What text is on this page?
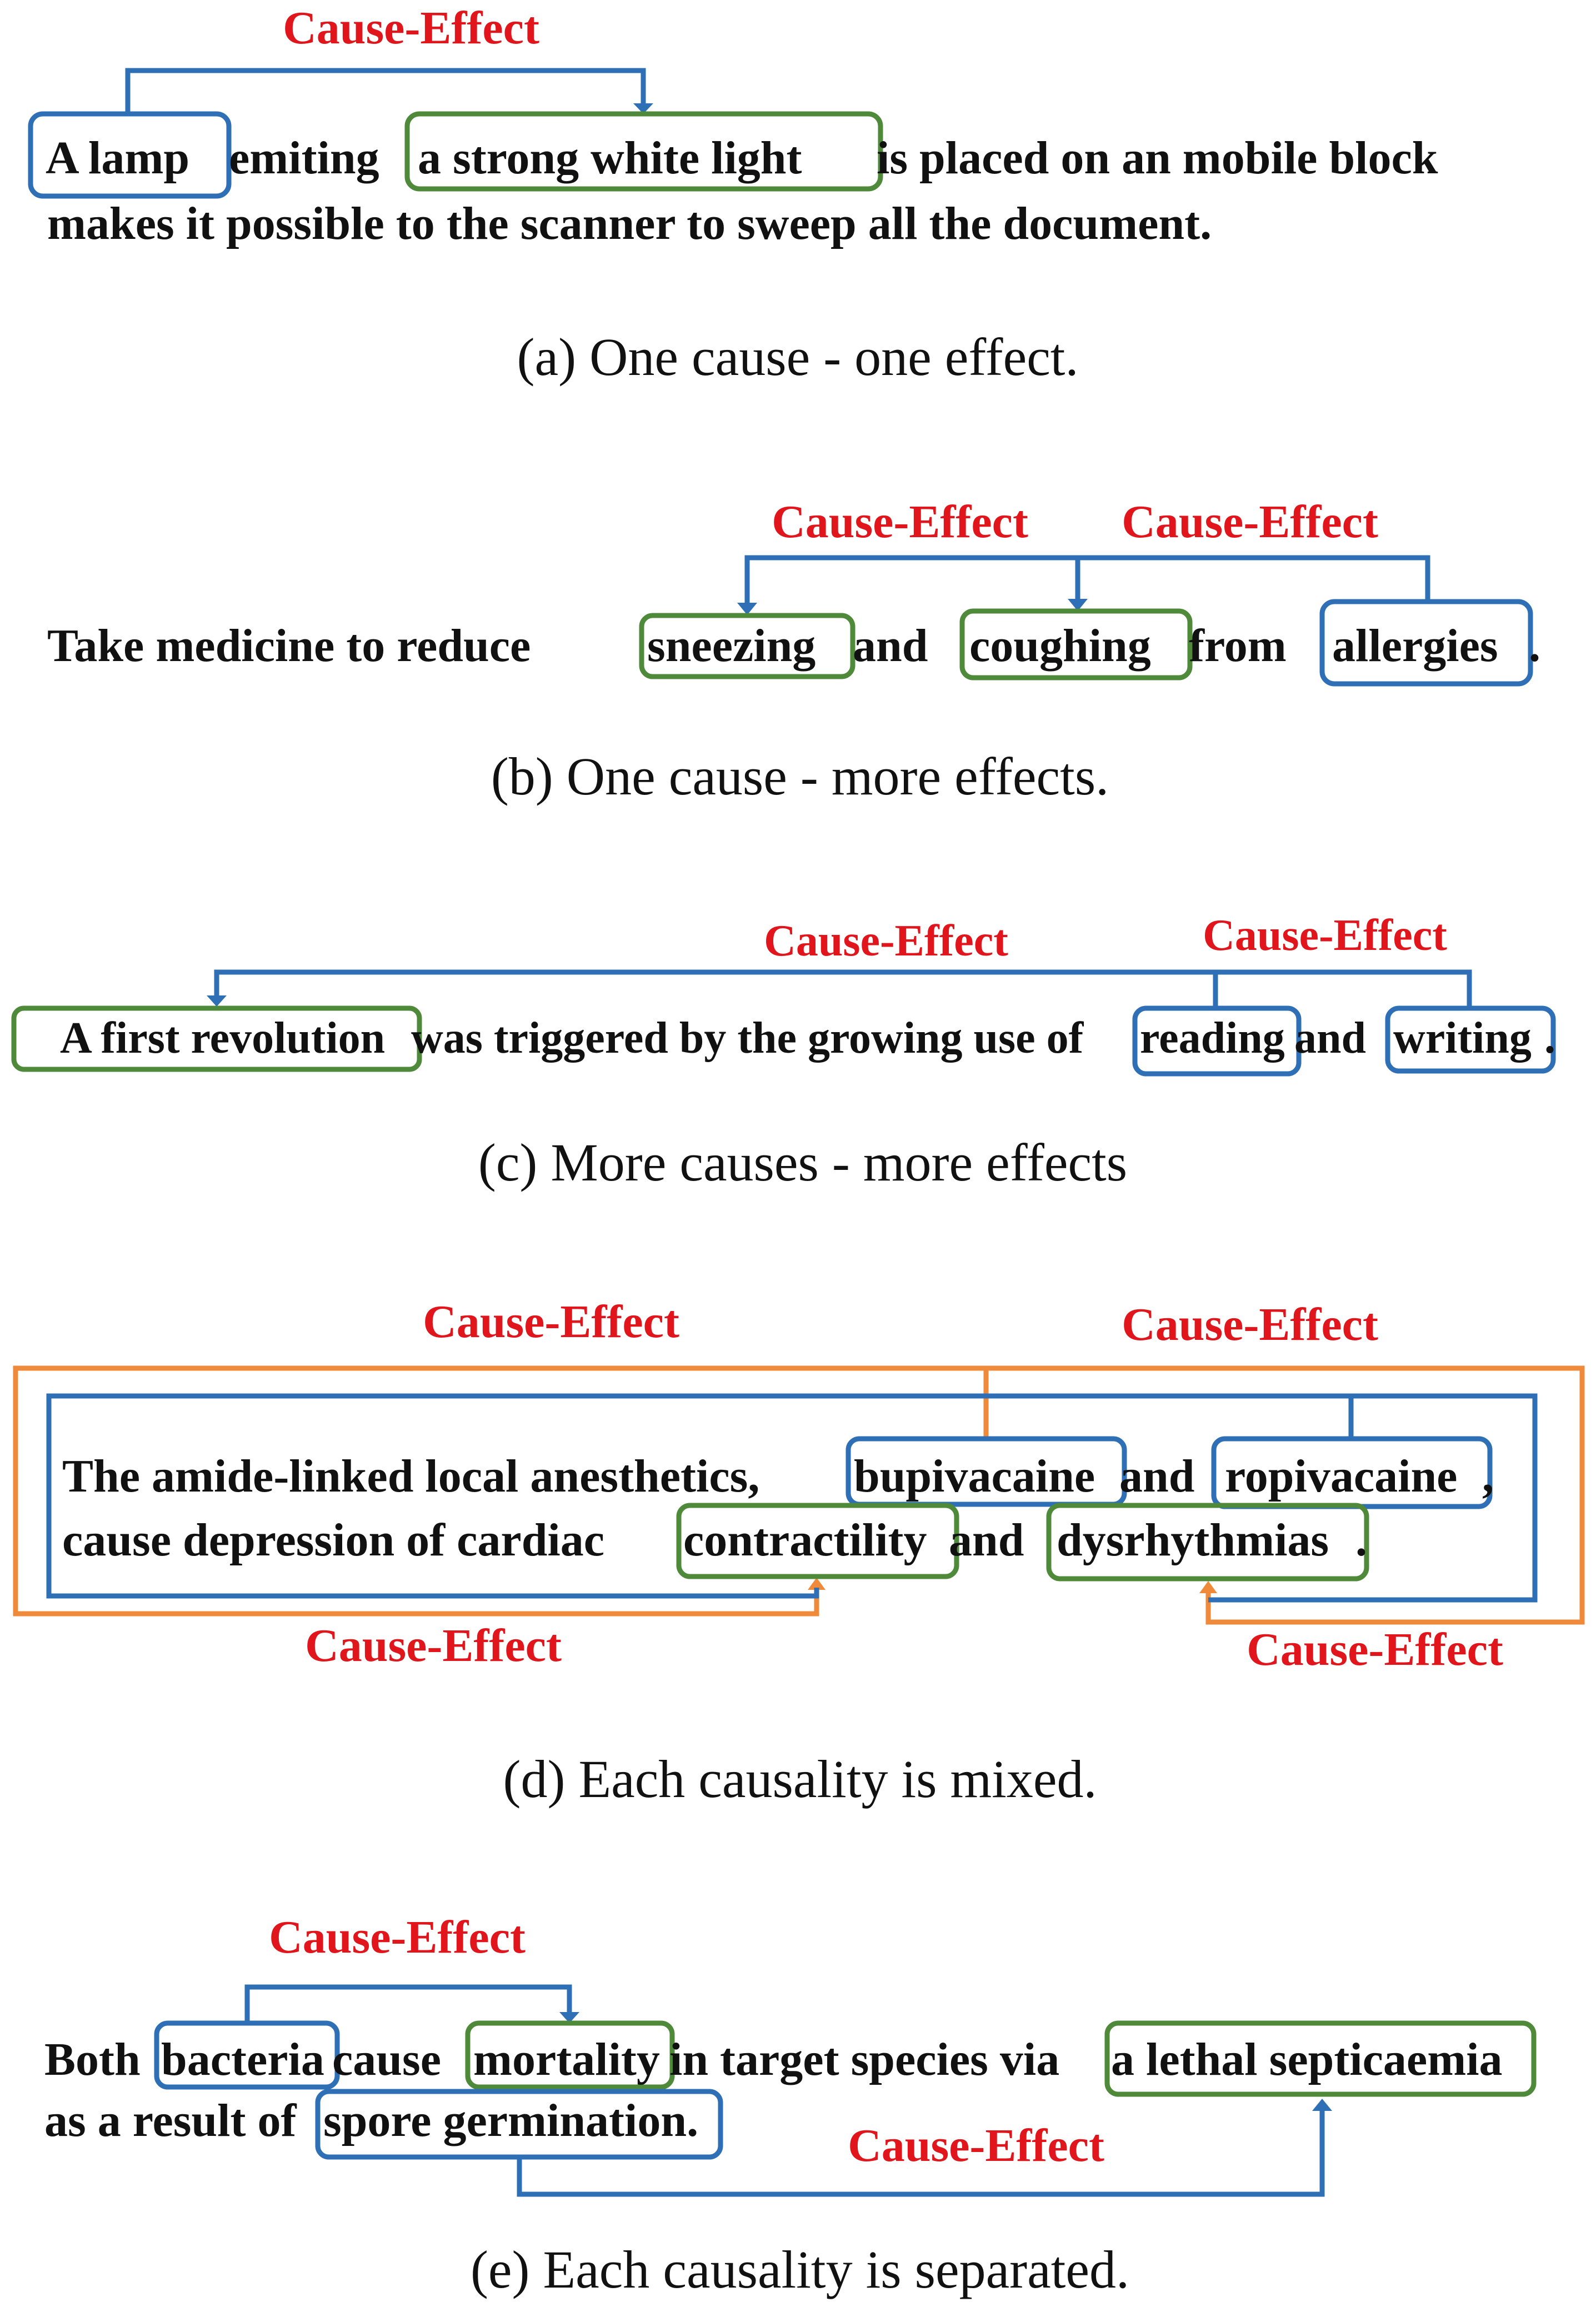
Cause-Effect
A lamp emiting a strong white light is placed on an mobile block
makes it possible to the scanner to sweep all the document.
(a) One cause - one effect.
Cause-Effect Cause-Effect
Take medicine to reduce sneezing and coughing from allergies .
(b) One cause - more effects.
Cause-Effect	Cause-Effect
A first revolution was triggered by the growing use of reading and writing .
(c) More causes - more effects
Cause-Effect	Cause-Effect
Cause-Effect	Cause-Effect
The amide-linked local anesthetics, bupivacaine and ropivacaine ,
cause depression of cardiac contractility and dysrhythmias .
(d) Each causality is mixed.
Cause-Effect
Cause-Effect
Both bacteria cause mortality in target species via a lethal septicaemia
as a result of spore germination.
(e) Each causality is separated.
